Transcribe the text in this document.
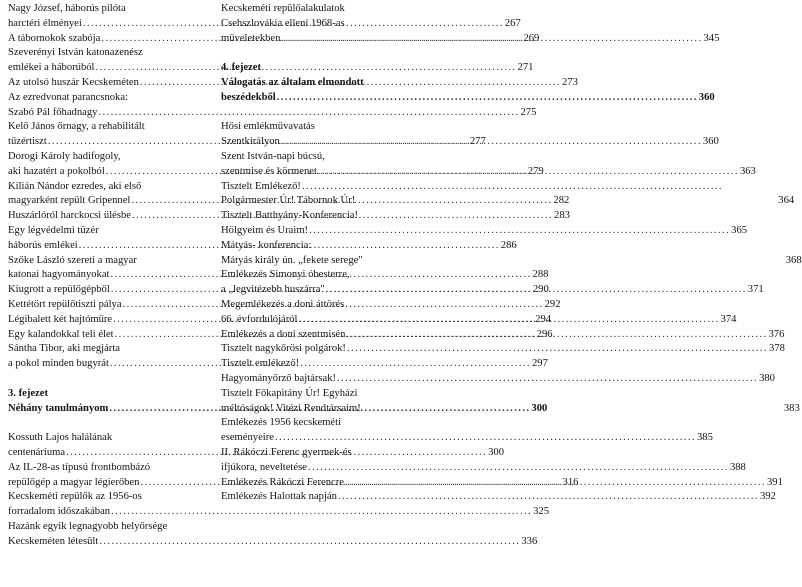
Nagy József, háborús pilóta
harctéri élményei .....	267
A tábornokok szabója .....	269
Szeverényi István katonazenész
emlékei a háborúból .....	271
Az utolsó huszár Kecskeméten .....	273
Az ezredvonat parancsnoka:
Szabó Pál főhadnagy .....	275
Kelő János őrnagy, a rehabilitált
tűzértiszt .....	277
Dorogi Károly hadifogoly,
aki hazatért a pokolból .....	279
Kilián Nándor ezredes, aki első
magyarként repült Gripennel .....	282
Huszárlóról harckocsi ülésbe .....	283
Egy légvédelmi tüzér
háborús emlékei .....	286
Szőke László szereti a magyar
katonai hagyományokat .....	288
Kiugrott a repülőgépből .....	290
Kettétört repülőtiszti pálya .....	292
Légibalett két hajtóműre .....	294
Egy kalandokkal teli élet .....	296
Sántha Tibor, aki megjárta
a pokol minden bugyrát .....	297
3. fejezet
Néhány tanulmányom .....	300
Kossuth Lajos halálának
centenáriuma .....	300
Az IL-28-as típusú frontbombázó
repülőgép a magyar légierőben .....	316
Kecskeméti repülők az 1956-os
forradalom időszakában .....	325
Hazánk egyik legnagyobb helyőrsége
Kecskeméten létesült .....	336
Kecskeméti repülőalakulatok
Csehszlovákia ellení 1968-as
műveletekben .....	345
4. fejezet
Válogatás az általam elmondott
beszédekből .....	360
Hősi emlékművavatás
Szentkirályon .....	360
Szent István-napi búcsú,
szentmise és körmenet .....	363
Tisztelt Emlékező!
.....
Polgármester Úr! Tábornok Úr!	364
Tisztelt Batthyány-Konferencia!
Hölgyeim és Uraim! .....	365
Mátyás- konferencia:
Mátyás király ún. „fekete serege"	368
Emlékezés Simonyi óbesterre,
a „legvitézebb huszárra" .....	371
Megemlékezés a doni áttörés
66. évfordulójáról .....	374
Emlékezés a doni szentmisén .....	376
Tisztelt nagykőrösi polgárok! .....	378
Tisztelt emlékező!
Hagyományőrző bajtársak! .....	380
Tisztelt Főkapitány Úr! Egyházi
méltóságok! Vitézi Rendtársaim!	383
Emlékezés 1956 kecskeméti
eseményeire .....	385
II. Rákóczi Ferenc gyermek-és
ifjúkora, neveltetése .....	388
Emlékezés Rákóczi Ferencre .....	391
Emlékezés Halottak napján .....	392
